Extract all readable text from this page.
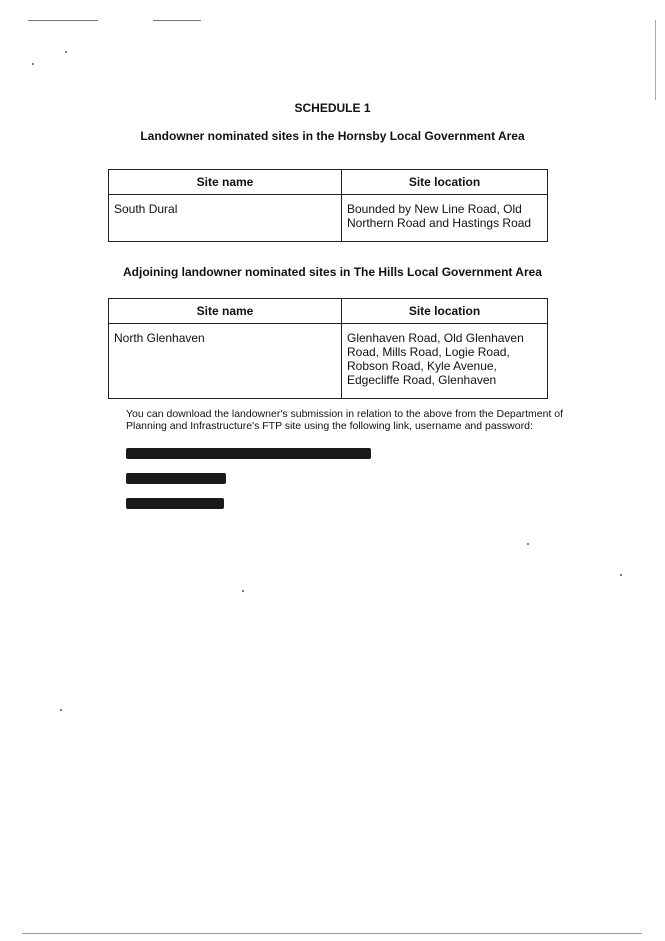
SCHEDULE 1
Landowner nominated sites in the Hornsby Local Government Area
Site name	Site location
South Dural	Bounded by New Line Road, Old Northern Road and Hastings Road
Adjoining landowner nominated sites in The Hills Local Government Area
Site name	Site location
North Glenhaven	Glenhaven Road, Old Glenhaven Road, Mills Road, Logie Road, Robson Road, Kyle Avenue, Edgecliffe Road, Glenhaven
You can download the landowner's submission in relation to the above from the Department of Planning and Infrastructure's FTP site using the following link, username and password:
